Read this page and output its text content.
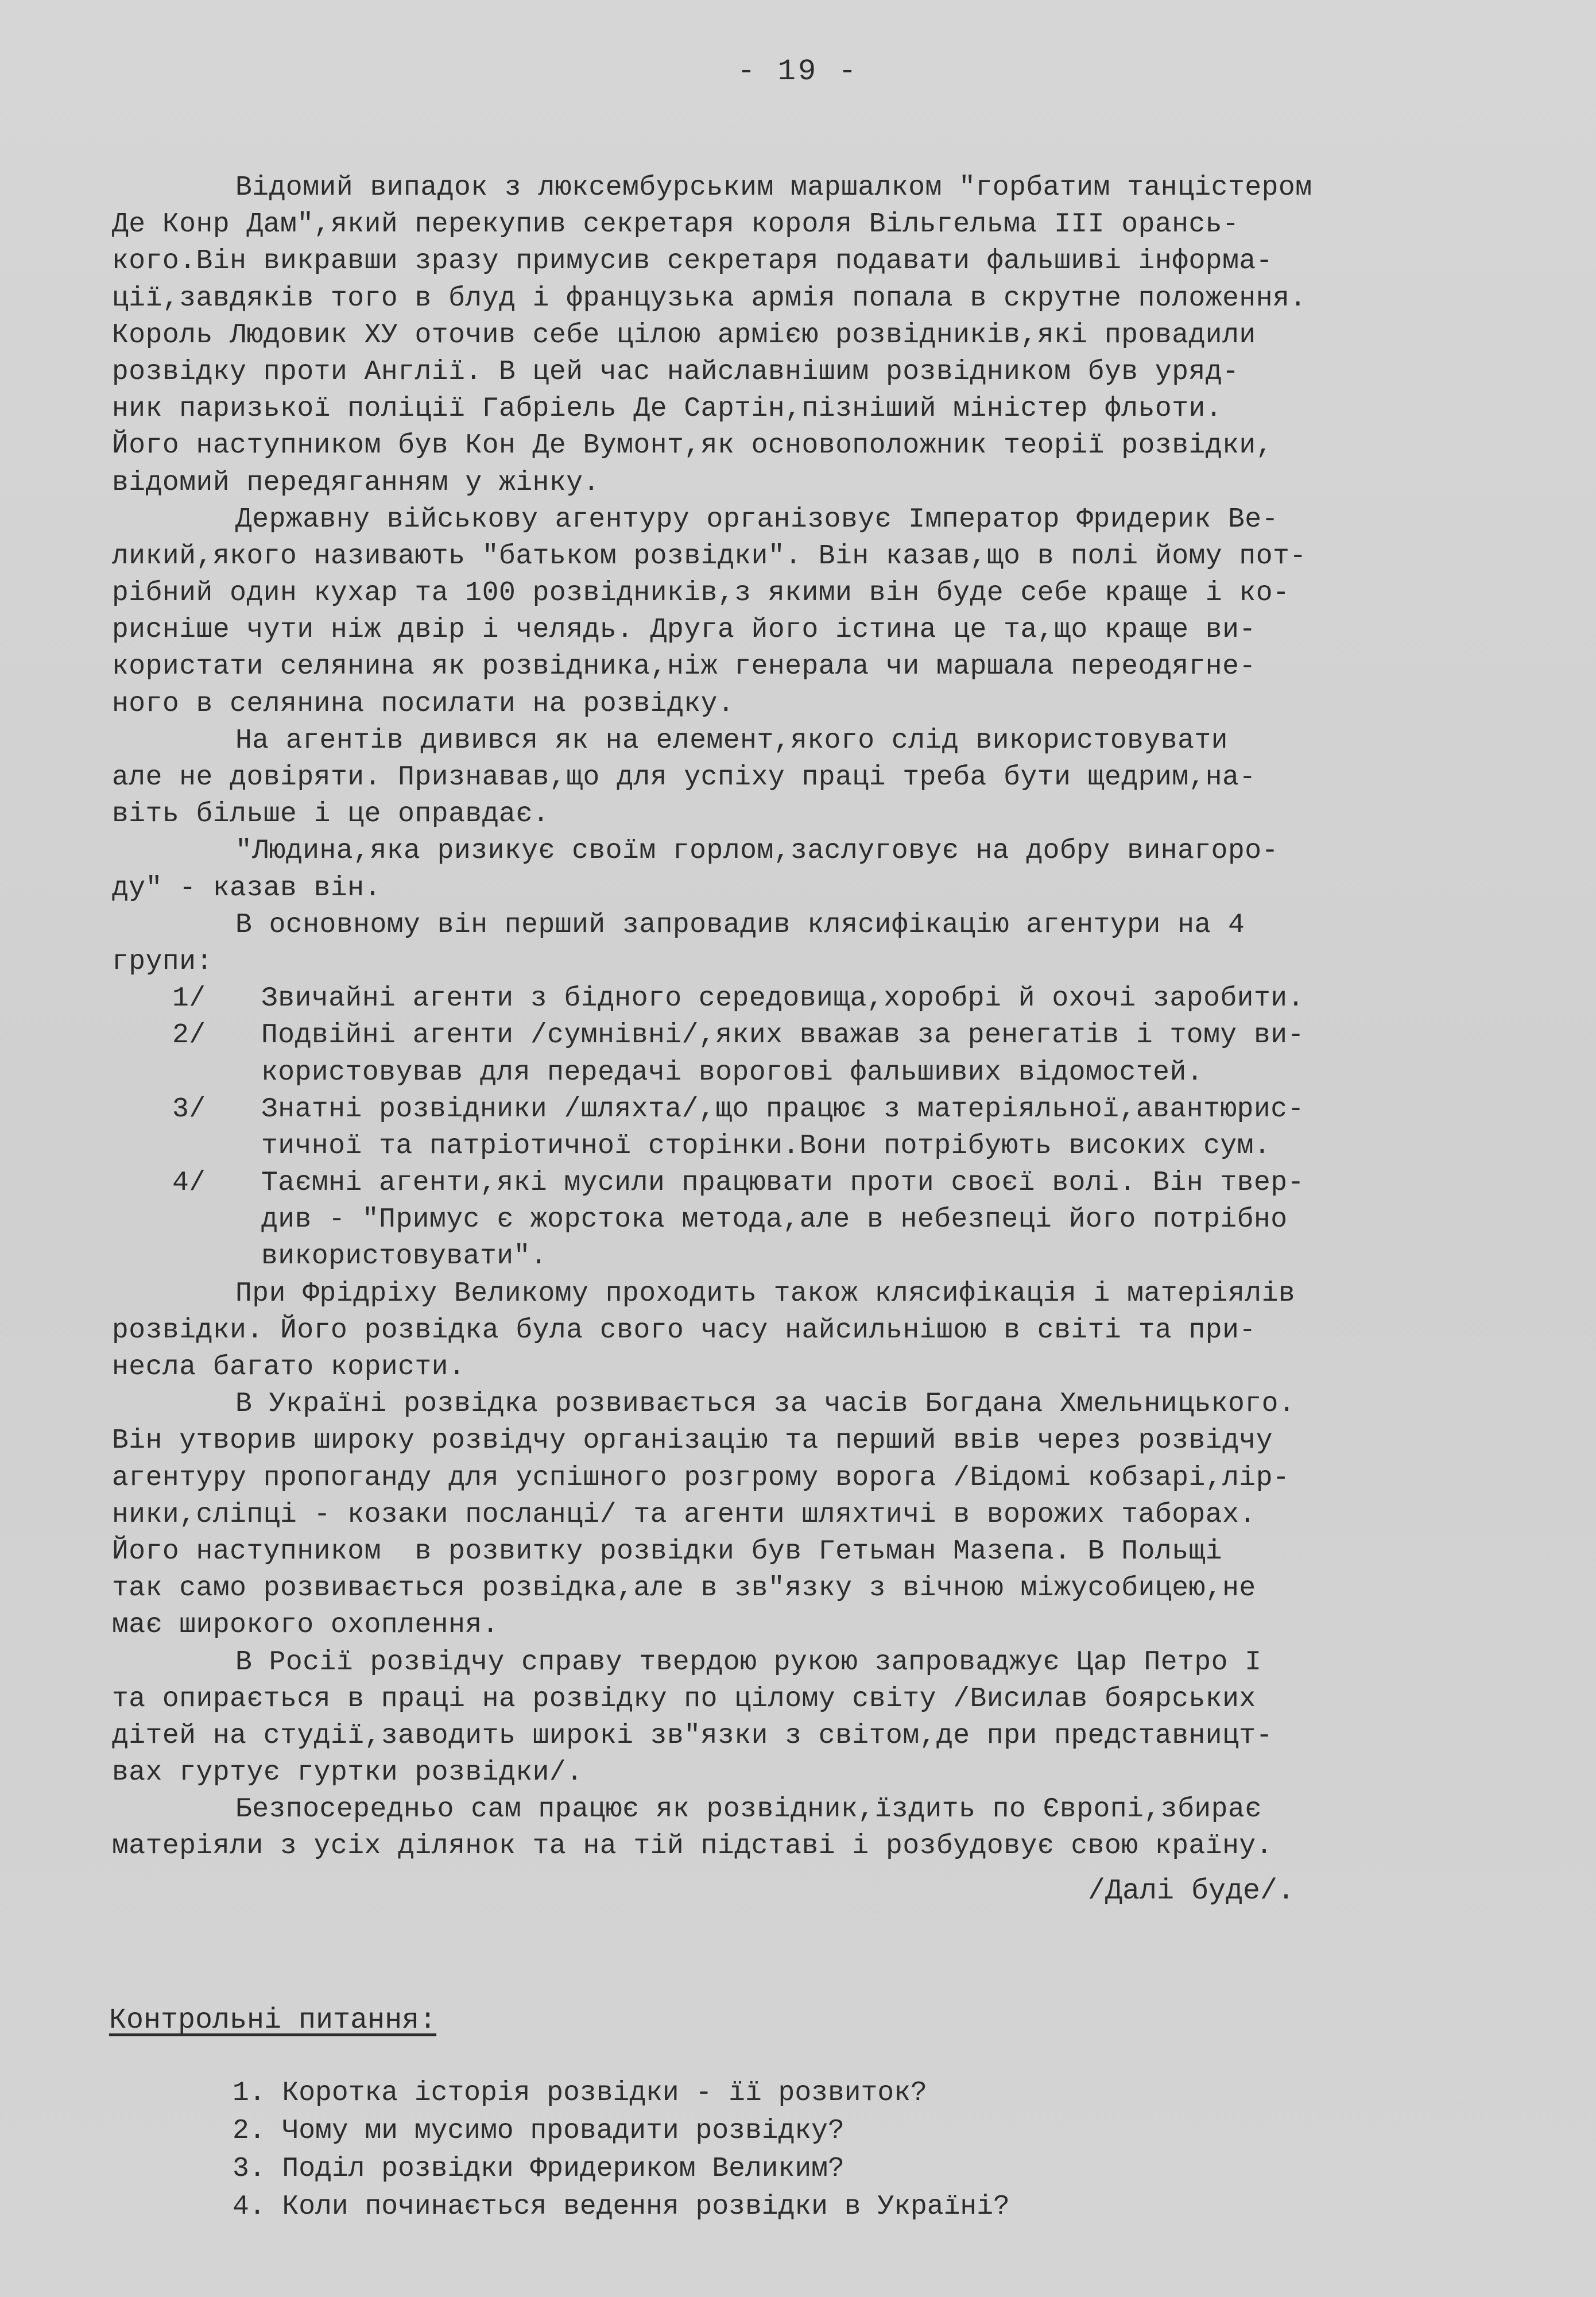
- 19 -
Відомий випадок з люксембурським маршалком "горбатим танцістером
Де Конр Дам",який перекупив секретаря короля Вільгельма III орансь-
кого.Він викравши зразу примусив секретаря подавати фальшиві інформа-
ції,завдяків того в блуд і французька армія попала в скрутне положення.
Король Людовик ХУ оточив себе цілою армією розвідників,які провадили
розвідку проти Англії. В цей час найславнішим розвідником був уряд-
ник паризької поліції Габріель Де Сартін,пізніший міністер фльоти.
Його наступником був Кон Де Вумонт,як основоположник теорії розвідки,
відомий передяганням у жінку.
Державну військову агентуру організовує Імператор Фридерик Ве-
ликий,якого називають "батьком розвідки". Він казав,що в полі йому пот-
рібний один кухар та 100 розвідників,з якими він буде себе краще і ко-
рисніше чути ніж двір і челядь. Друга його істина це та,що краще ви-
користати селянина як розвідника,ніж генерала чи маршала переодягне-
ного в селянина посилати на розвідку.
На агентів дивився як на елемент,якого слід використовувати
але не довіряти. Признавав,що для успіху праці треба бути щедрим,на-
віть більше і це оправдає.
"Людина,яка ризикує своїм горлом,заслуговує на добру винагоро-
ду" - казав він.
В основному він перший запровадив клясифікацію агентури на 4
групи:
1/	Звичайні агенти з бідного середовища,хоробрі й охочі заробити.
2/	Подвійні агенти /сумнівні/,яких вважав за ренегатів і тому ви-
користовував для передачі ворогові фальшивих відомостей.
3/	Знатні розвідники /шляхта/,що працює з матеріяльної,авантюрис-
тичної та патріотичної сторінки.Вони потрібують високих сум.
4/	Таємні агенти,які мусили працювати проти своєї волі. Він твер-
див - "Примус є жорстока метода,але в небезпеці його потрібно
використовувати".
При Фрідріху Великому проходить також клясифікація і матеріялів
розвідки. Його розвідка була свого часу найсильнішою в світі та при-
несла багато користи.
В Україні розвідка розвивається за часів Богдана Хмельницького.
Він утворив широку розвідчу організацію та перший ввів через розвідчу
агентуру пропоганду для успішного розгрому ворога /Відомі кобзарі,лір-
ники,сліпці - козаки посланці/ та агенти шляхтичі в ворожих таборах.
Його наступником  в розвитку розвідки був Гетьман Мазепа. В Польщі
так само розвивається розвідка,але в зв"язку з вічною міжусобицею,не
має широкого охоплення.
В Росії розвідчу справу твердою рукою запроваджує Цар Петро I
та опирається в праці на розвідку по цілому світу /Висилав боярських
дітей на студії,заводить широкі зв"язки з світом,де при представницт-
вах гуртує гуртки розвідки/.
Безпосередньо сам працює як розвідник,їздить по Європі,збирає
матеріяли з усіх ділянок та на тій підставі і розбудовує свою країну.
/Далі буде/.
Контрольні питання:
1. Коротка історія розвідки - її розвиток?
2. Чому ми мусимо провадити розвідку?
3. Поділ розвідки Фридериком Великим?
4. Коли починається ведення розвідки в Україні?
